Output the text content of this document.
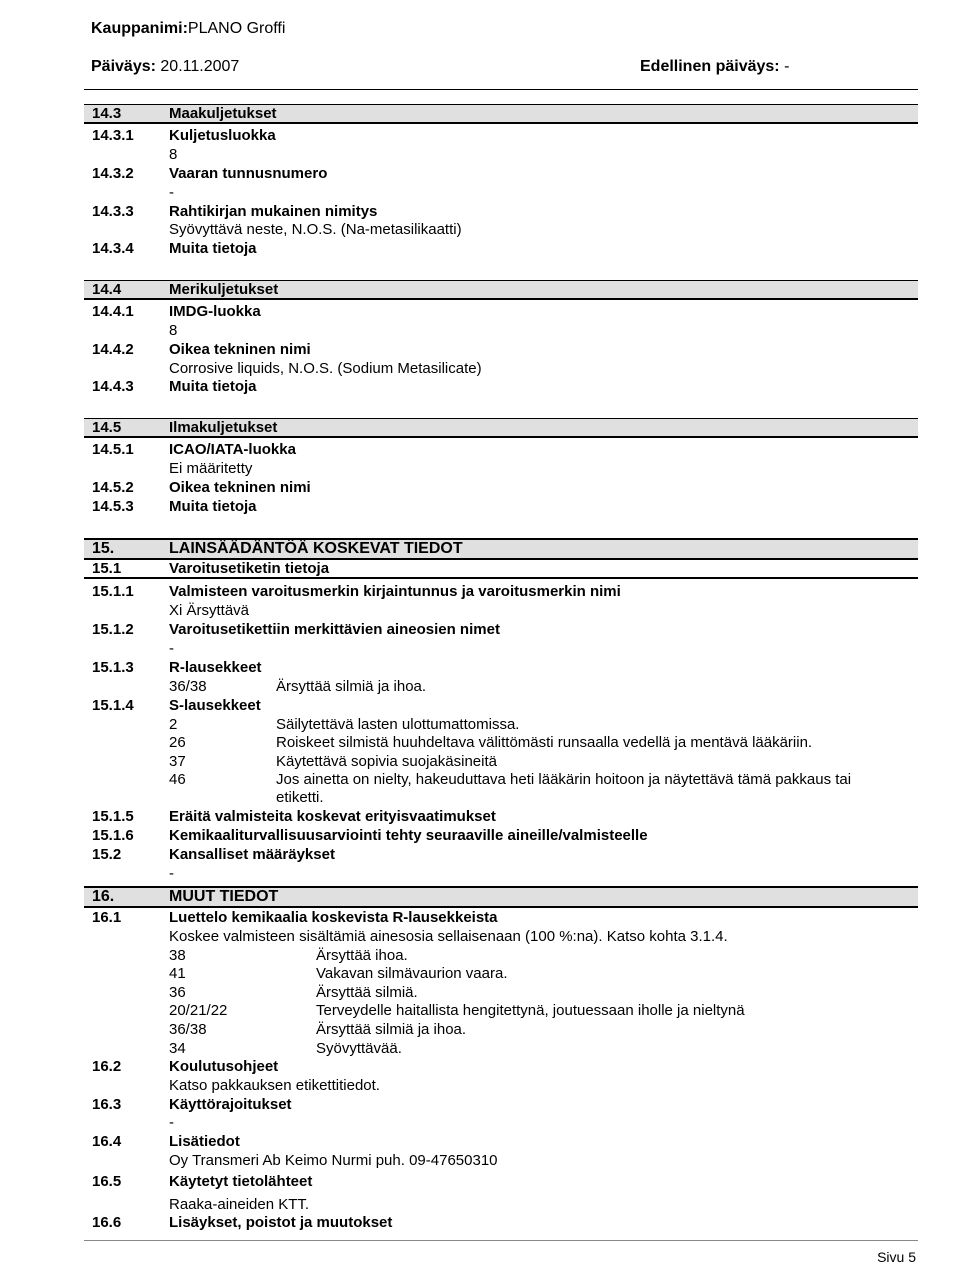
Kauppanimi:PLANO Groffi
Päiväys: 20.11.2007	Edellinen päiväys: -
14.3	Maakuljetukset
14.3.1 Kuljetusluokka
8
14.3.2 Vaaran tunnusnumero
-
14.3.3 Rahtikirjan mukainen nimitys
Syövyttävä neste, N.O.S. (Na-metasilikaatti)
14.3.4 Muita tietoja
14.4	Merikuljetukset
14.4.1 IMDG-luokka
8
14.4.2 Oikea tekninen nimi
Corrosive liquids, N.O.S. (Sodium Metasilicate)
14.4.3 Muita tietoja
14.5	Ilmakuljetukset
14.5.1 ICAO/IATA-luokka
Ei määritetty
14.5.2 Oikea tekninen nimi
14.5.3 Muita tietoja
15.	LAINSÄÄDÄNTÖÄ KOSKEVAT TIEDOT
15.1	Varoitusetiketin tietoja
15.1.1 Valmisteen varoitusmerkin kirjaintunnus ja varoitusmerkin nimi
Xi Ärsyttävä
15.1.2 Varoitusetikettiin merkittävien aineosien nimet
-
15.1.3 R-lausekkeet
36/38	Ärsyttää silmiä ja ihoa.
15.1.4 S-lausekkeet
2	Säilytettävä lasten ulottumattomissa.
26	Roiskeet silmistä huuhdeltava välittömästi runsaalla vedellä ja mentävä lääkäriin.
37	Käytettävä sopivia suojakäsineitä
46	Jos ainetta on nielty, hakeuduttava heti lääkärin hoitoon ja näytettävä tämä pakkaus tai etiketti.
15.1.5 Eräitä valmisteita koskevat erityisvaatimukset
15.1.6 Kemikaaliturvallisuusarviointi tehty seuraaville aineille/valmisteelle
15.2	Kansalliset määräykset
-
16.	MUUT TIEDOT
16.1	Luettelo kemikaalia koskevista R-lausekkeista
Koskee valmisteen sisältämiä ainesosia sellaisenaan (100 %:na). Katso kohta 3.1.4.
38	Ärsyttää ihoa.
41	Vakavan silmävaurion vaara.
36	Ärsyttää silmiä.
20/21/22	Terveydelle haitallista hengitettynä, joutuessaan iholle ja nieltynä
36/38	Ärsyttää silmiä ja ihoa.
34	Syövyttävää.
16.2	Koulutusohjeet
Katso pakkauksen etikettitiedot.
16.3	Käyttörajoitukset
-
16.4	Lisätiedot
Oy Transmeri Ab Keimo Nurmi puh. 09-47650310
16.5	Käytetyt tietolähteet
Raaka-aineiden KTT.
16.6	Lisäykset, poistot ja muutokset
Sivu 5
